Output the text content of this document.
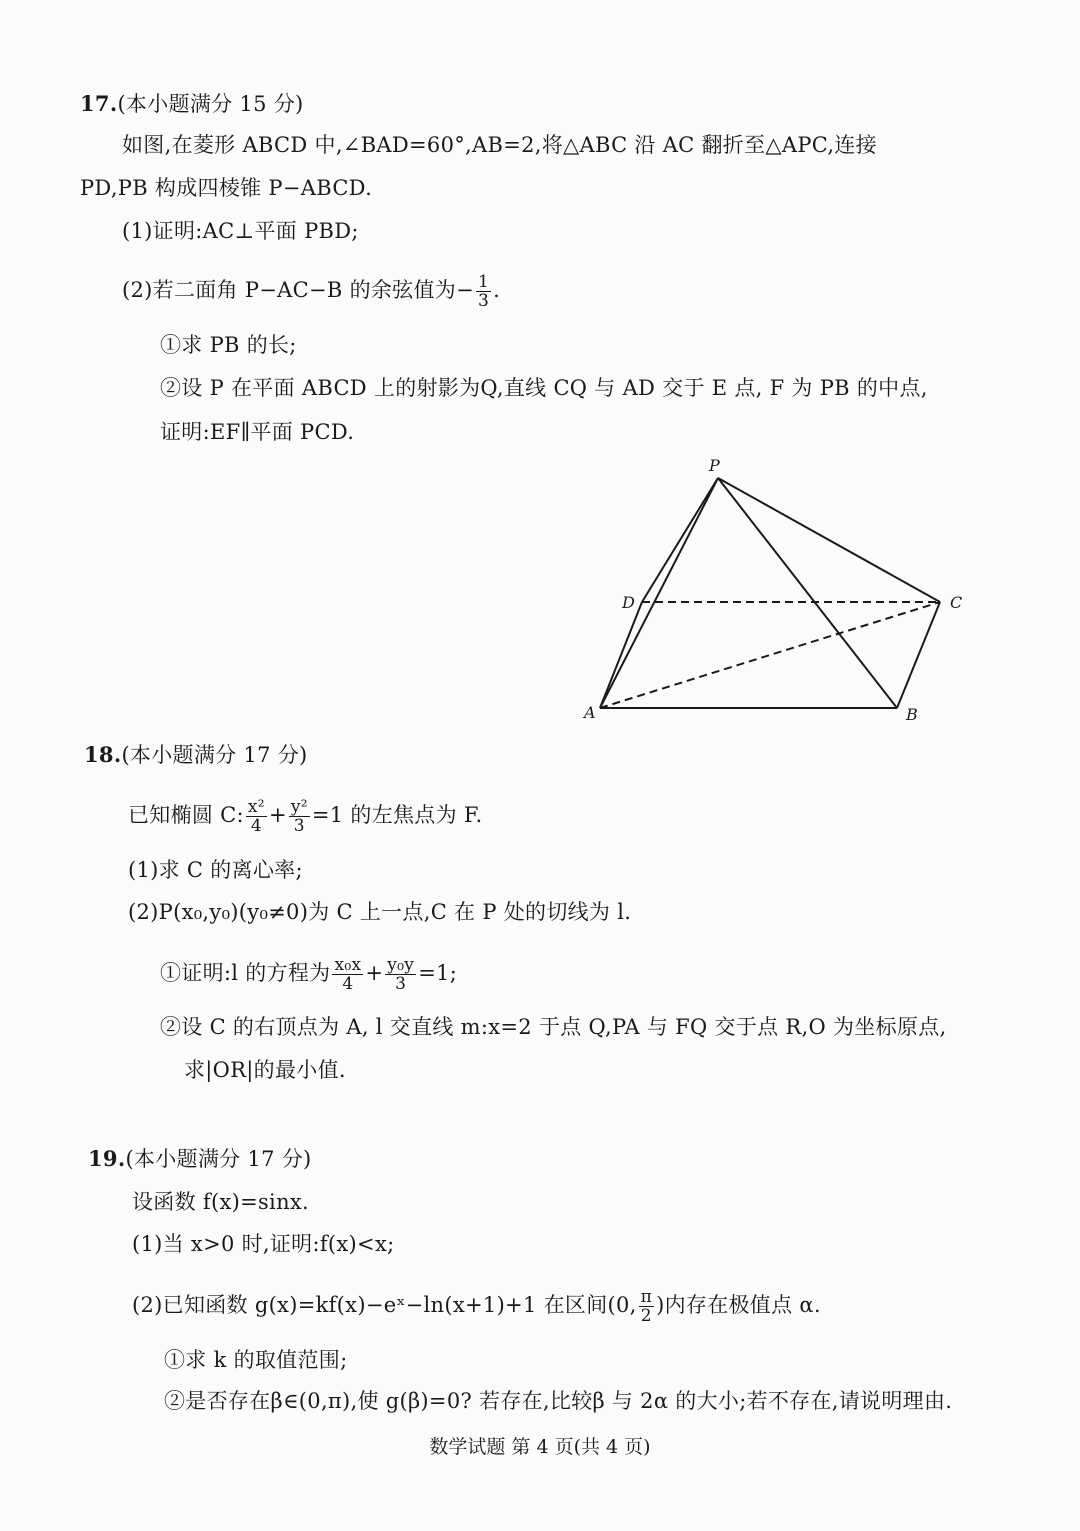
17.(本小题满分 15 分)
如图,在菱形 ABCD 中,∠BAD=60°,AB=2,将△ABC 沿 AC 翻折至△APC,连接
PD,PB 构成四棱锥 P−ABCD.
(1)证明:AC⊥平面 PBD;
(2)若二面角 P−AC−B 的余弦值为− $\frac{1}{3}$ .
①求 PB 的长;
②设 P 在平面 ABCD 上的射影为Q,直线 CQ 与 AD 交于 E 点, F 为 PB 的中点,
证明:EF∥平面 PCD.
P
D	C
A	B
18.(本小题满分 17 分)
已知椭圆 C: $\frac{\text{x²}}{4} + \frac{\text{y²}}{3} =1$ 的左焦点为 F.
(1)求 C 的离心率;
(2)P(x₀,y₀)(y₀≠0)为 C 上一点,C 在 P 处的切线为 l.
①证明:l 的方程为 $\frac{\text{x₀x}}{4} + \frac{\text{y₀y}}{3} =1$;
②设 C 的右顶点为 A, l 交直线 m:x=2 于点 Q,PA 与 FQ 交于点 R,O 为坐标原点,
求|OR|的最小值.
19.(本小题满分 17 分)
设函数 f(x)=sinx.
(1)当 x>0 时,证明:f(x)<x;
(2)已知函数 g(x)=kf(x)−eˣ−ln(x+1)+1 在区间(0, $\frac{\pi}{2}$ )内存在极值点 α.
①求 k 的取值范围;
②是否存在β∈(0,π),使 g(β)=0? 若存在,比较β 与 2α 的大小;若不存在,请说明理由.
数学试题 第 4 页(共 4 页)
